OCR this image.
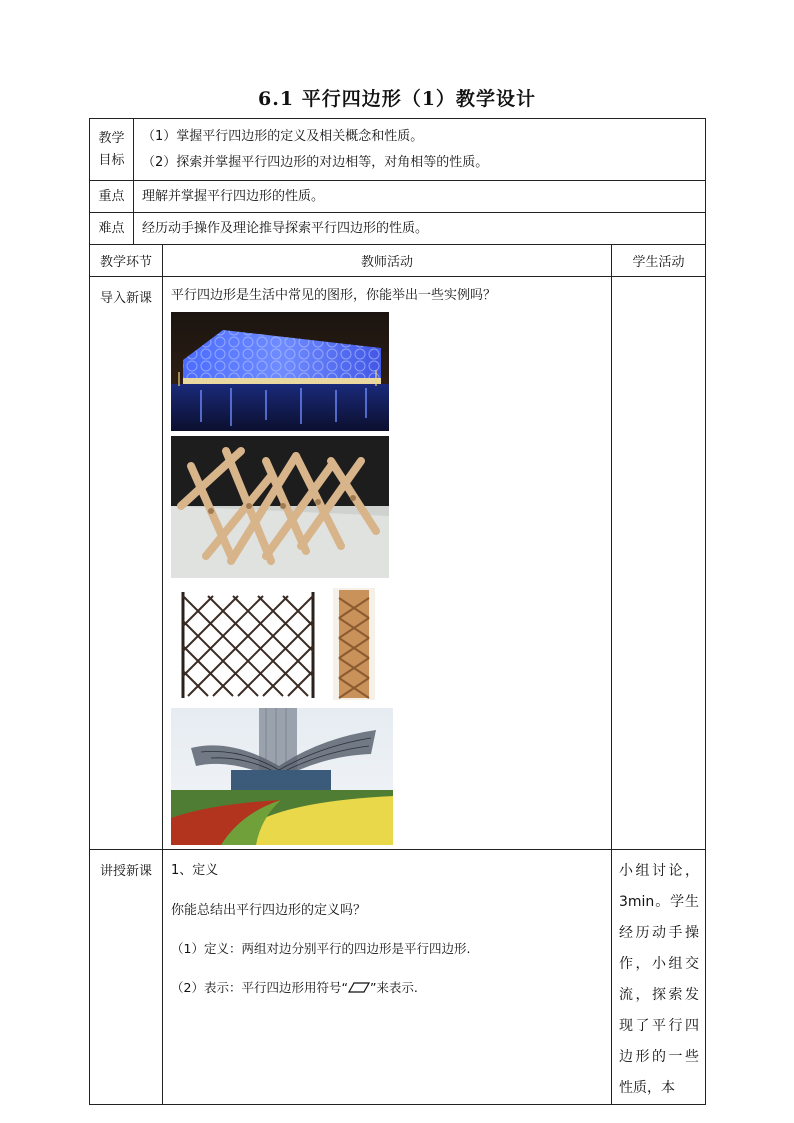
6.1 平行四边形（1）教学设计
教学目标	（1）掌握平行四边形的定义及相关概念和性质。
（2）探索并掌握平行四边形的对边相等，对角相等的性质。

重点	理解并掌握平行四边形的性质。
难点	经历动手操作及理论推导探索平行四边形的性质。
教学环节	教师活动	学生活动
导入新课	平行四边形是生活中常见的图形，你能举出一些实例吗？	

讲授新课	1、定义
你能总结出平行四边形的定义吗？
（1）定义：两组对边分别平行的四边形是平行四边形.
（2）表示：平行四边形用符号“ ”来表示.	小组讨论，3min。学生经历动手操作，小组交流，探索发现了平行四边形的一些性质，本
